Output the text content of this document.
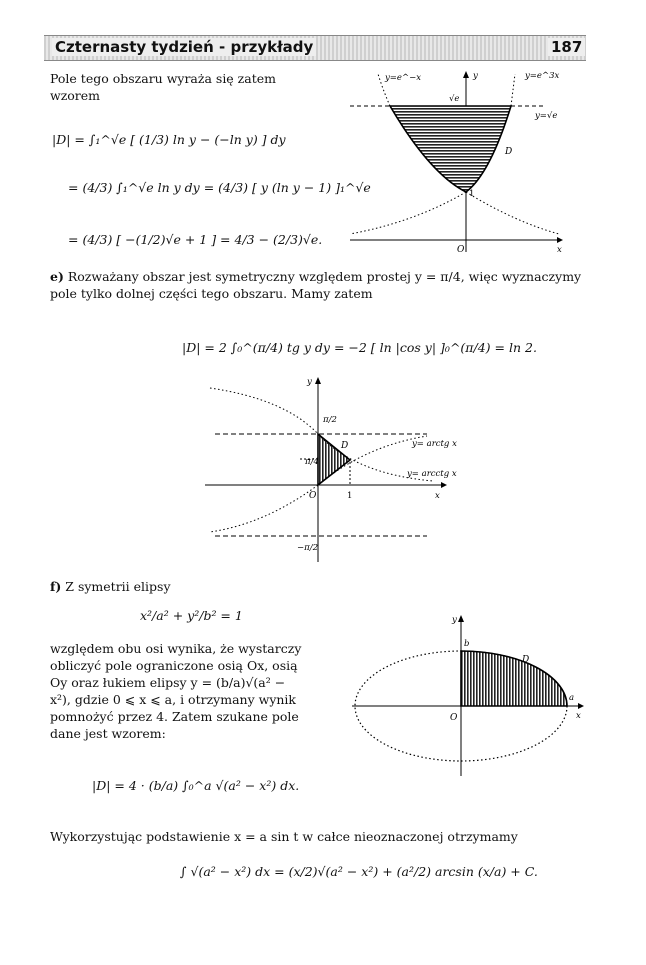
Czternasty tydzień - przykłady	187
Pole tego obszaru wyraża się zatem wzorem
|D| = ∫₁^√e [ (1/3) ln y − (−ln y) ] dy
= (4/3) ∫₁^√e ln y dy = (4/3) [ y (ln y − 1) ]₁^√e
= (4/3) [ −(1/2)√e + 1 ] = 4/3 − (2/3)√e.
y=e^−x	y=e^3x
y=√e
√e
D
1
O	x
y
e) Rozważany obszar jest symetryczny względem prostej y = π/4, więc wyznaczymy pole tylko dolnej części tego obszaru. Mamy zatem
|D| = 2 ∫₀^(π/4) tg y dy = −2 [ ln |cos y| ]₀^(π/4) = ln 2.
π/2
π/4
−π/2
D	y= arctg x
y= arcctg x
O	1	x
y
f) Z symetrii elipsy
x²/a² + y²/b² = 1
względem obu osi wynika, że wystarczy obliczyć pole ograniczone osią Ox, osią Oy oraz łukiem elipsy y = (b/a)√(a² − x²), gdzie 0 ⩽ x ⩽ a, i otrzymany wynik pomnożyć przez 4. Zatem szukane pole dane jest wzorem:
|D| = 4 · (b/a) ∫₀^a √(a² − x²) dx.
b
a
D
O	x
y
Wykorzystując podstawienie x = a sin t w całce nieoznaczonej otrzymamy
∫ √(a² − x²) dx = (x/2)√(a² − x²) + (a²/2) arcsin (x/a) + C.
